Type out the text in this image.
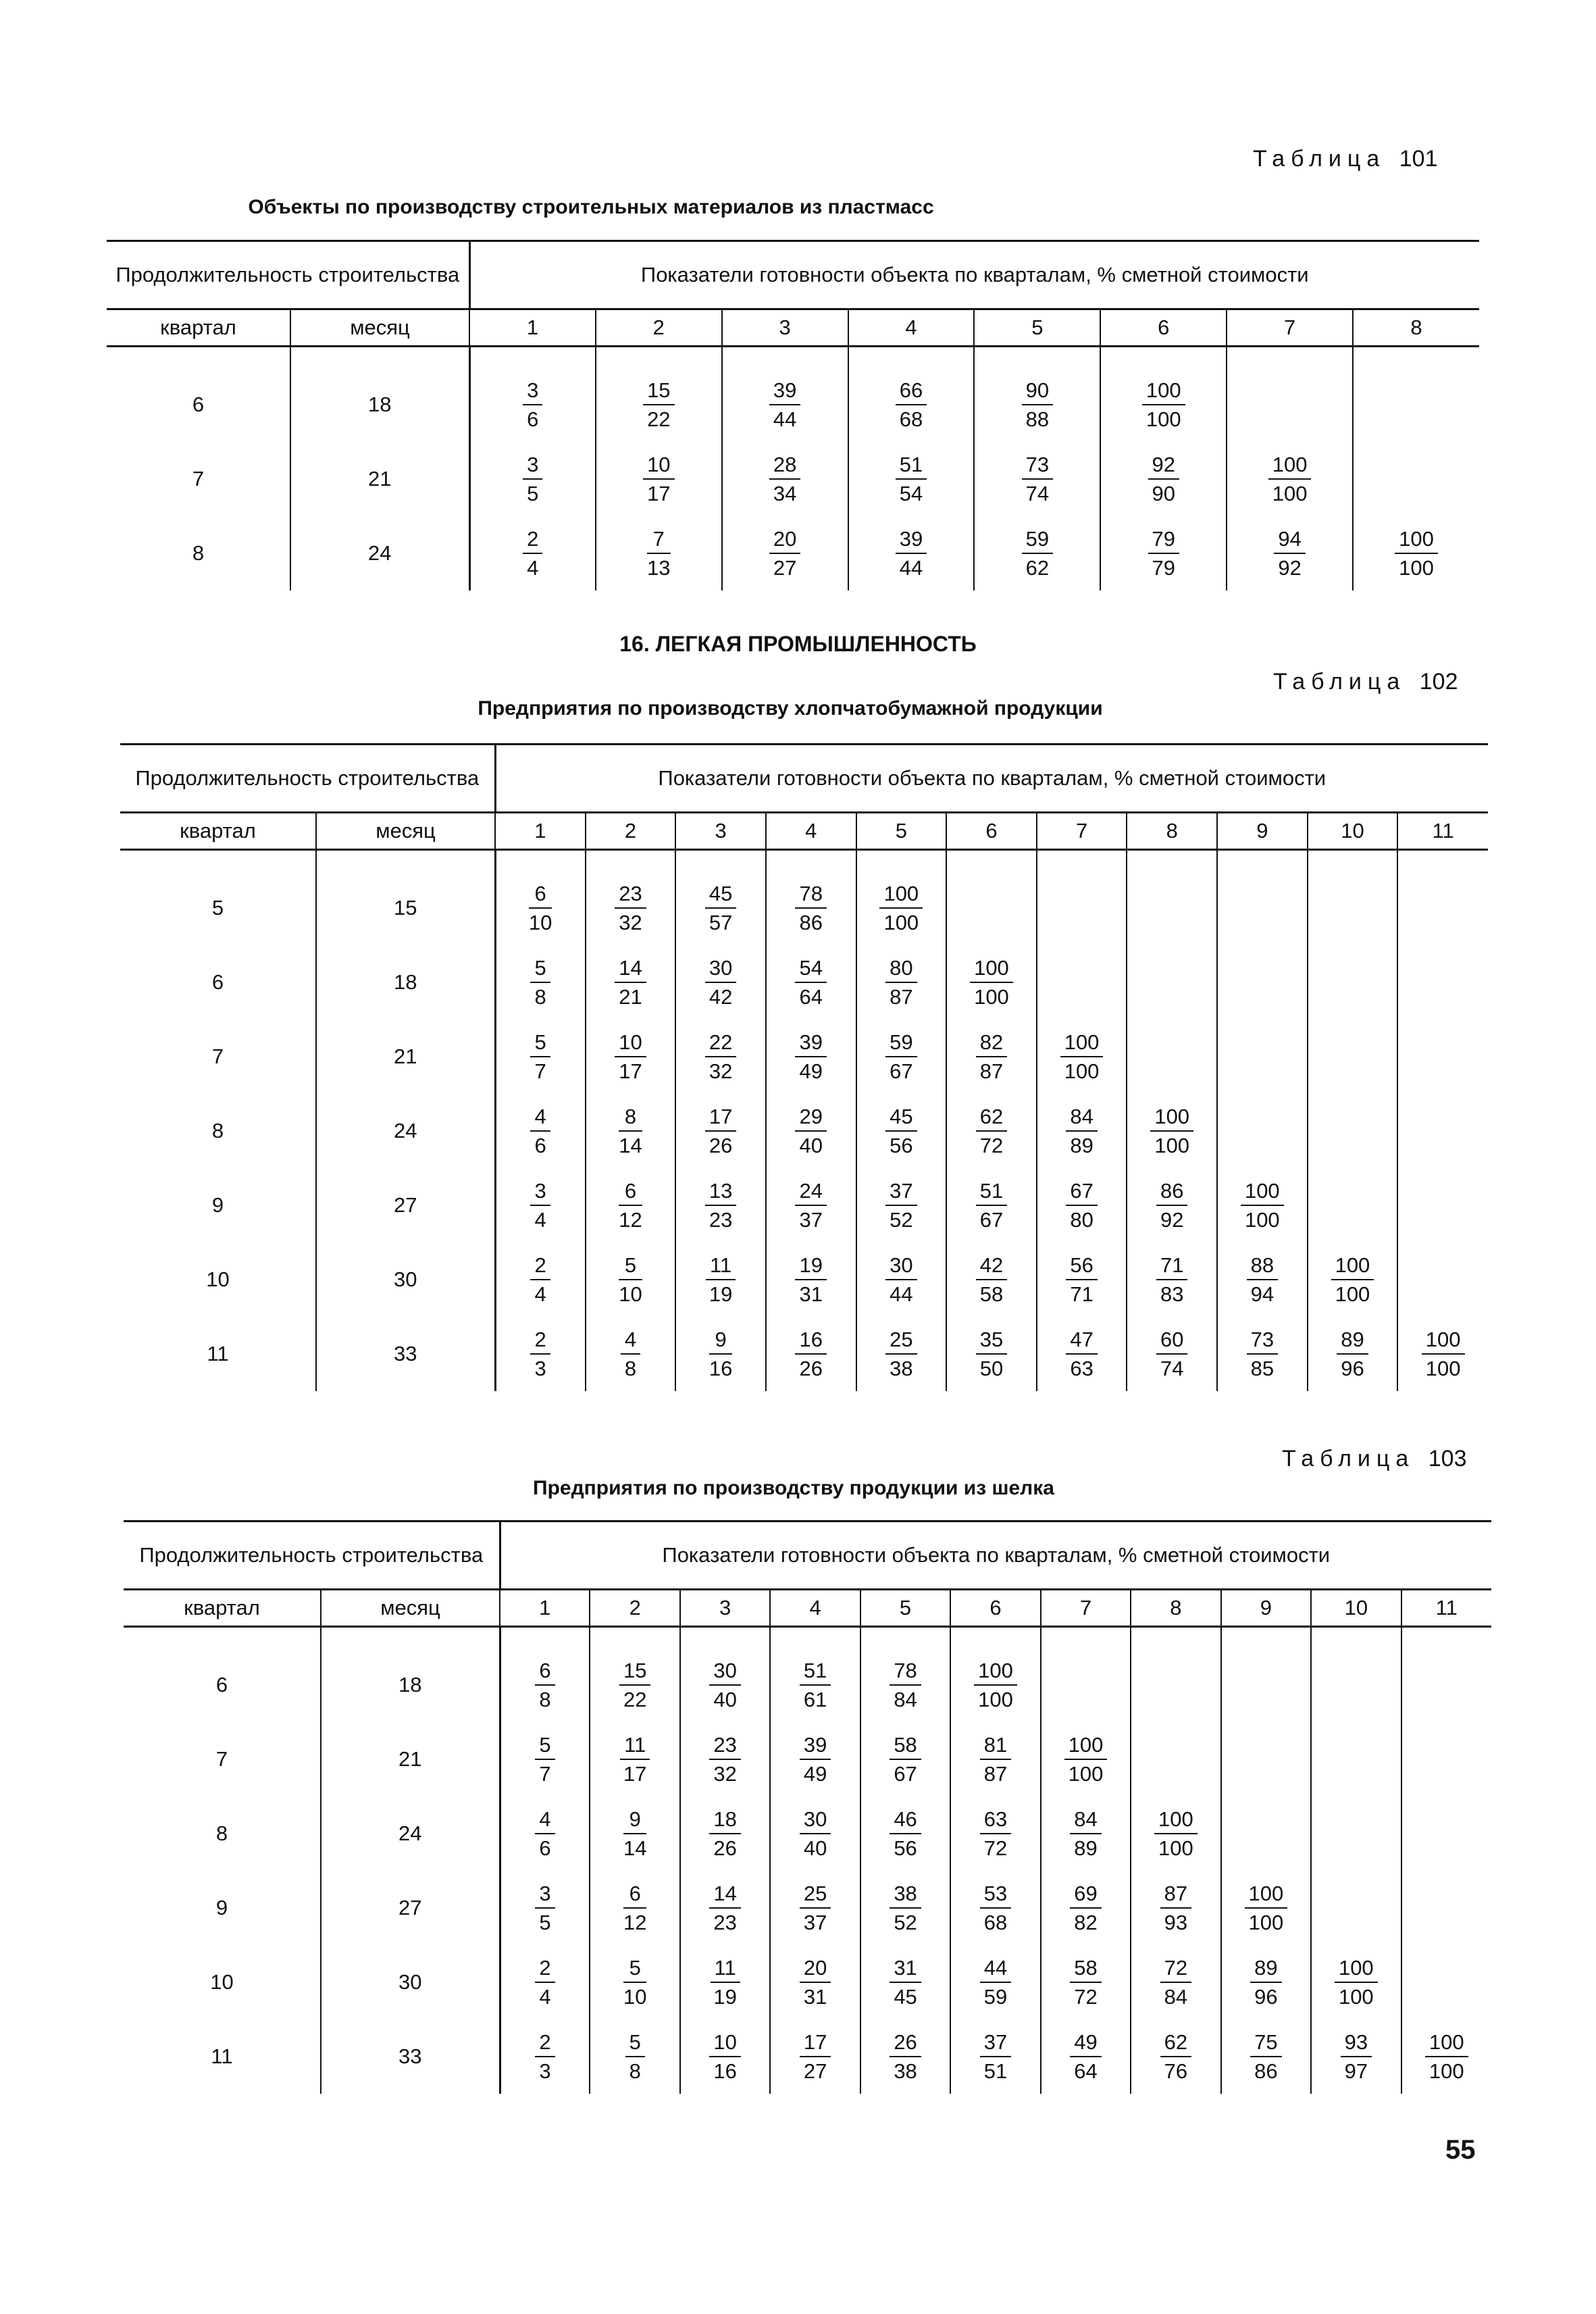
Таблица 101
Объекты по производству строительных материалов из пластмасс
Продолжительность строительства		Показатели готовности объекта по кварталам, % сметной стоимости							
квартал	месяц	1	2	3	4	5	6	7	8

6	18	$\frac{3}{6}$	$\frac{15}{22}$	$\frac{39}{44}$	$\frac{66}{68}$	$\frac{90}{88}$	$\frac{100}{100}$

7	21	$\frac{3}{5}$	$\frac{10}{17}$	$\frac{28}{34}$	$\frac{51}{54}$	$\frac{73}{74}$	$\frac{92}{90}$	$\frac{100}{100}$

8	24	$\frac{2}{4}$	$\frac{7}{13}$	$\frac{20}{27}$	$\frac{39}{44}$	$\frac{59}{62}$	$\frac{79}{79}$	$\frac{94}{92}$	$\frac{100}{100}$
16. ЛЕГКАЯ ПРОМЫШЛЕННОСТЬ
Таблица 102
Предприятия по производству хлопчатобумажной продукции
Продолжительность строительства		Показатели готовности объекта по кварталам, % сметной стоимости										
квартал	месяц	1	2	3	4	5	6	7	8	9	10	11

5	15	$\frac{6}{10}$	$\frac{23}{32}$	$\frac{45}{57}$	$\frac{78}{86}$	$\frac{100}{100}$

6	18	$\frac{5}{8}$	$\frac{14}{21}$	$\frac{30}{42}$	$\frac{54}{64}$	$\frac{80}{87}$	$\frac{100}{100}$

7	21	$\frac{5}{7}$	$\frac{10}{17}$	$\frac{22}{32}$	$\frac{39}{49}$	$\frac{59}{67}$	$\frac{82}{87}$	$\frac{100}{100}$

8	24	$\frac{4}{6}$	$\frac{8}{14}$	$\frac{17}{26}$	$\frac{29}{40}$	$\frac{45}{56}$	$\frac{62}{72}$	$\frac{84}{89}$	$\frac{100}{100}$

9	27	$\frac{3}{4}$	$\frac{6}{12}$	$\frac{13}{23}$	$\frac{24}{37}$	$\frac{37}{52}$	$\frac{51}{67}$	$\frac{67}{80}$	$\frac{86}{92}$	$\frac{100}{100}$

10	30	$\frac{2}{4}$	$\frac{5}{10}$	$\frac{11}{19}$	$\frac{19}{31}$	$\frac{30}{44}$	$\frac{42}{58}$	$\frac{56}{71}$	$\frac{71}{83}$	$\frac{88}{94}$	$\frac{100}{100}$

11	33	$\frac{2}{3}$	$\frac{4}{8}$	$\frac{9}{16}$	$\frac{16}{26}$	$\frac{25}{38}$	$\frac{35}{50}$	$\frac{47}{63}$	$\frac{60}{74}$	$\frac{73}{85}$	$\frac{89}{96}$	$\frac{100}{100}$
Таблица 103
Предприятия по производству продукции из шелка
Продолжительность строительства		Показатели готовности объекта по кварталам, % сметной стоимости										
квартал	месяц	1	2	3	4	5	6	7	8	9	10	11

6	18	$\frac{6}{8}$	$\frac{15}{22}$	$\frac{30}{40}$	$\frac{51}{61}$	$\frac{78}{84}$	$\frac{100}{100}$

7	21	$\frac{5}{7}$	$\frac{11}{17}$	$\frac{23}{32}$	$\frac{39}{49}$	$\frac{58}{67}$	$\frac{81}{87}$	$\frac{100}{100}$

8	24	$\frac{4}{6}$	$\frac{9}{14}$	$\frac{18}{26}$	$\frac{30}{40}$	$\frac{46}{56}$	$\frac{63}{72}$	$\frac{84}{89}$	$\frac{100}{100}$

9	27	$\frac{3}{5}$	$\frac{6}{12}$	$\frac{14}{23}$	$\frac{25}{37}$	$\frac{38}{52}$	$\frac{53}{68}$	$\frac{69}{82}$	$\frac{87}{93}$	$\frac{100}{100}$

10	30	$\frac{2}{4}$	$\frac{5}{10}$	$\frac{11}{19}$	$\frac{20}{31}$	$\frac{31}{45}$	$\frac{44}{59}$	$\frac{58}{72}$	$\frac{72}{84}$	$\frac{89}{96}$	$\frac{100}{100}$

11	33	$\frac{2}{3}$	$\frac{5}{8}$	$\frac{10}{16}$	$\frac{17}{27}$	$\frac{26}{38}$	$\frac{37}{51}$	$\frac{49}{64}$	$\frac{62}{76}$	$\frac{75}{86}$	$\frac{93}{97}$	$\frac{100}{100}$
55
